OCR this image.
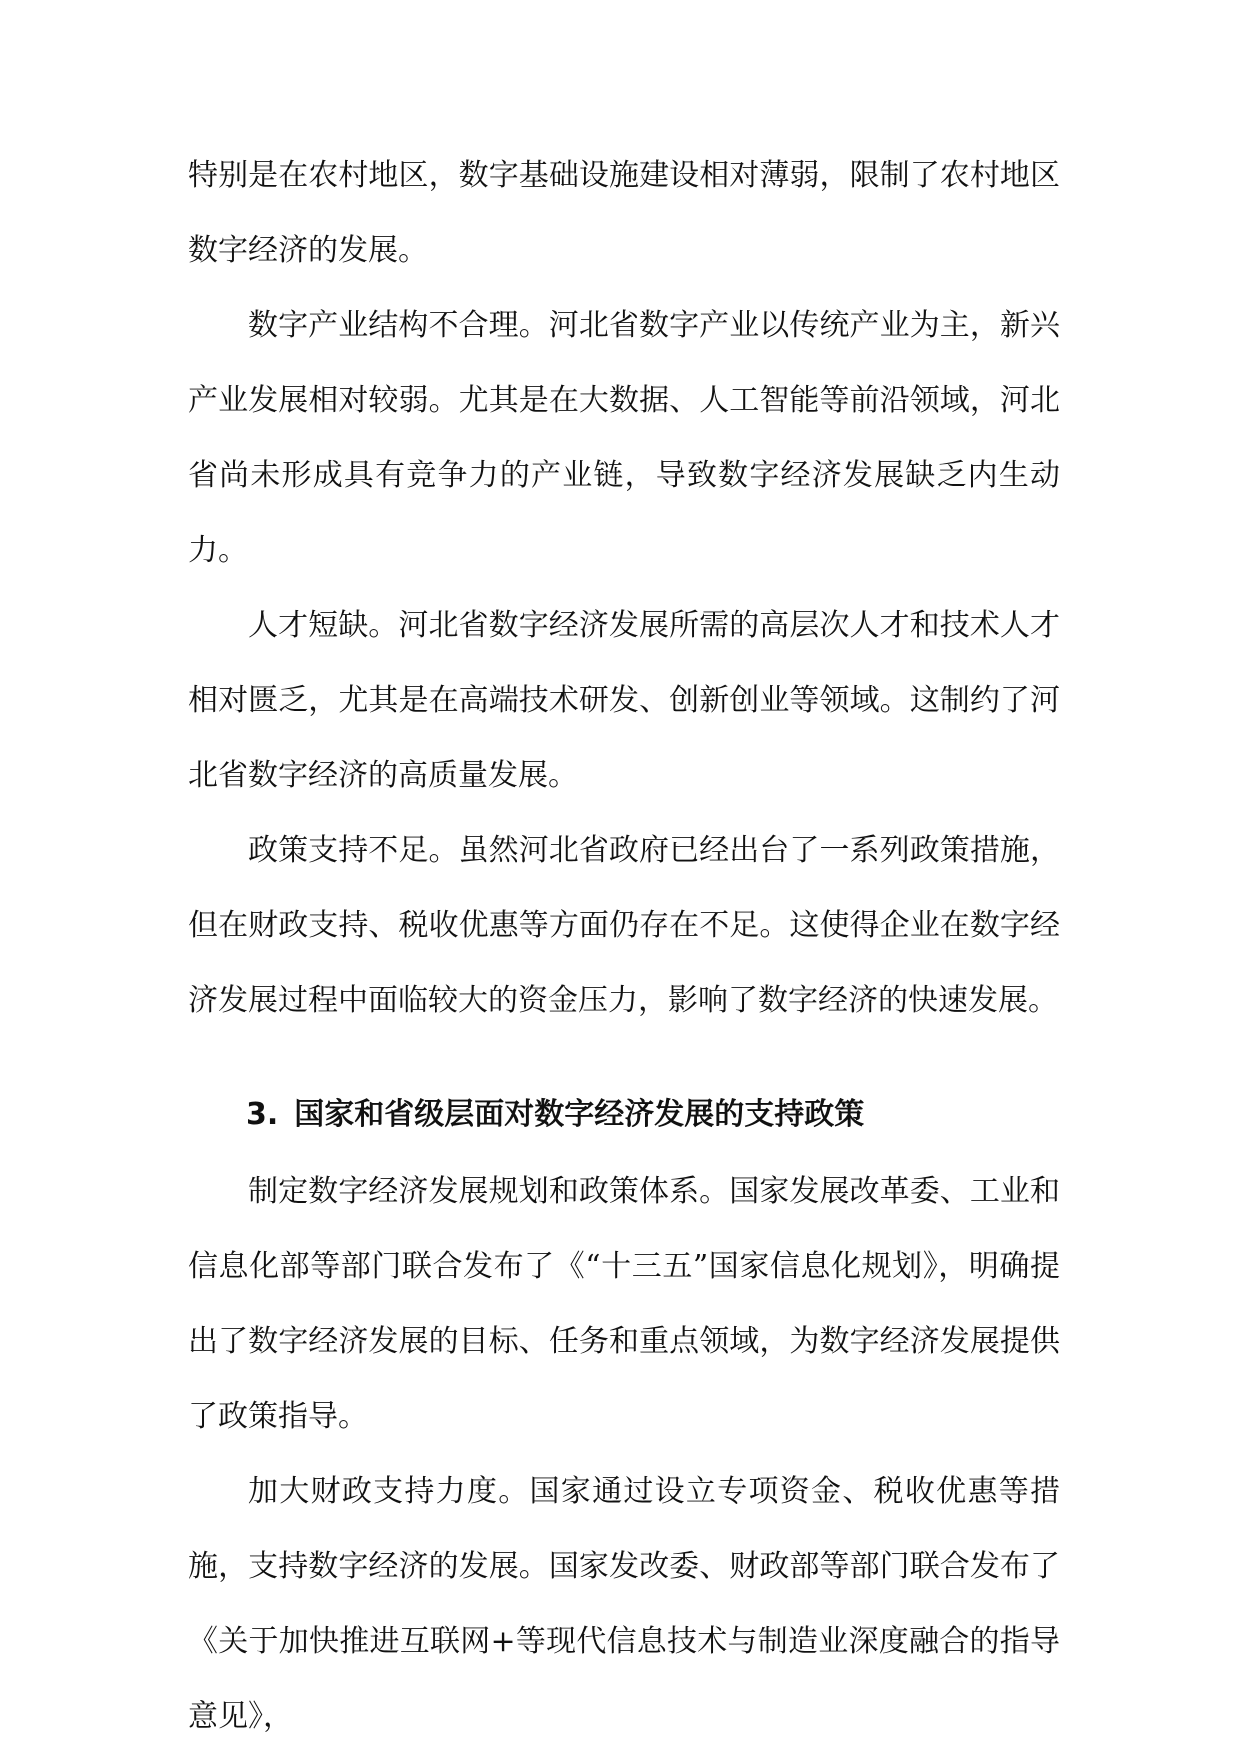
特别是在农村地区，数字基础设施建设相对薄弱，限制了农村地区数字经济的发展。

数字产业结构不合理。河北省数字产业以传统产业为主，新兴产业发展相对较弱。尤其是在大数据、人工智能等前沿领域，河北省尚未形成具有竞争力的产业链，导致数字经济发展缺乏内生动力。

人才短缺。河北省数字经济发展所需的高层次人才和技术人才相对匮乏，尤其是在高端技术研发、创新创业等领域。这制约了河北省数字经济的高质量发展。

政策支持不足。虽然河北省政府已经出台了一系列政策措施，但在财政支持、税收优惠等方面仍存在不足。这使得企业在数字经济发展过程中面临较大的资金压力，影响了数字经济的快速发展。

3. 国家和省级层面对数字经济发展的支持政策

制定数字经济发展规划和政策体系。国家发展改革委、工业和信息化部等部门联合发布了《“十三五”国家信息化规划》，明确提出了数字经济发展的目标、任务和重点领域，为数字经济发展提供了政策指导。

加大财政支持力度。国家通过设立专项资金、税收优惠等措施，支持数字经济的发展。国家发改委、财政部等部门联合发布了《关于加快推进互联网+等现代信息技术与制造业深度融合的指导意见》，
